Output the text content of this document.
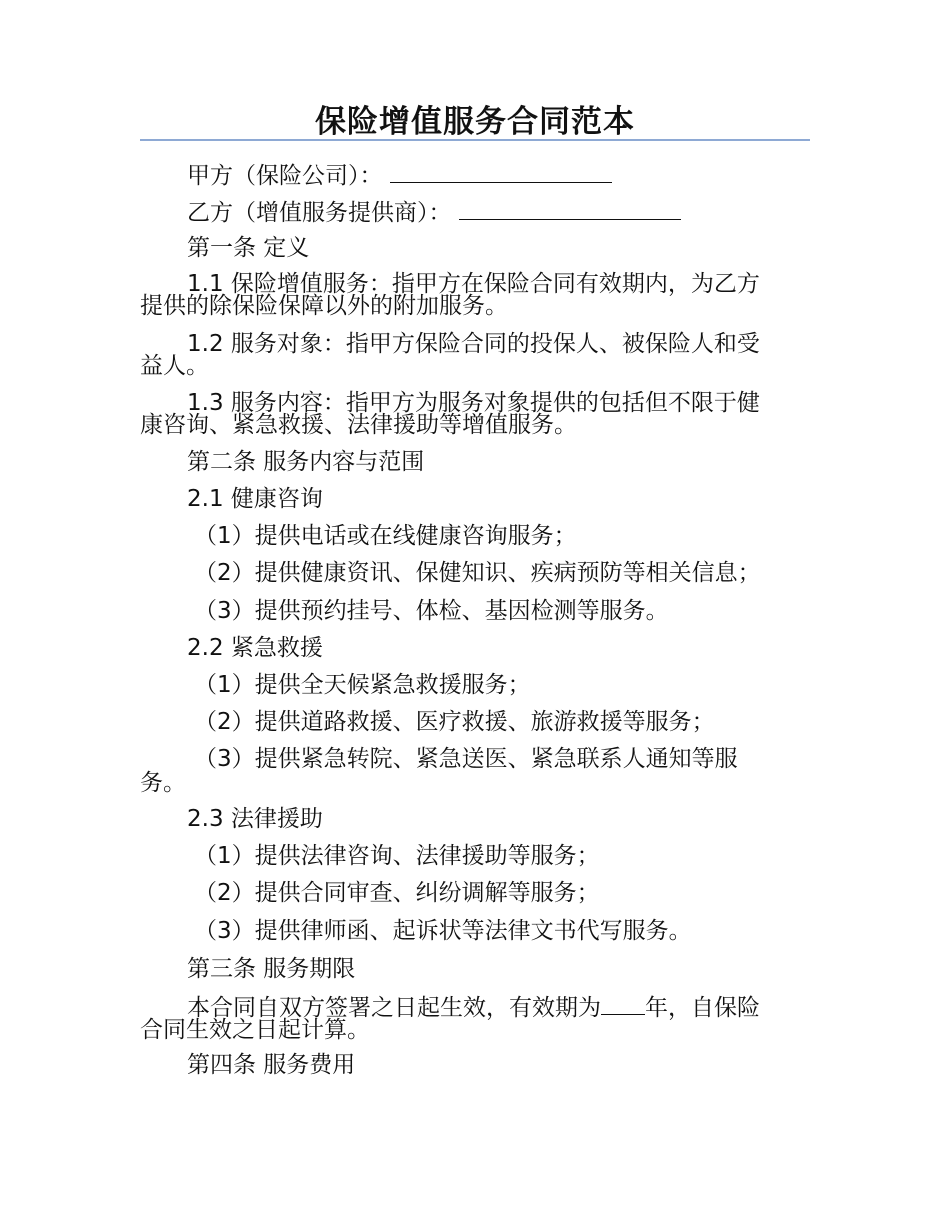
保险增值服务合同范本
甲方（保险公司）：
乙方（增值服务提供商）：
第一条 定义
1.1 保险增值服务：指甲方在保险合同有效期内，为乙方
提供的除保险保障以外的附加服务。
1.2 服务对象：指甲方保险合同的投保人、被保险人和受
益人。
1.3 服务内容：指甲方为服务对象提供的包括但不限于健
康咨询、紧急救援、法律援助等增值服务。
第二条 服务内容与范围
2.1 健康咨询
（1）提供电话或在线健康咨询服务；
（2）提供健康资讯、保健知识、疾病预防等相关信息；
（3）提供预约挂号、体检、基因检测等服务。
2.2 紧急救援
（1）提供全天候紧急救援服务；
（2）提供道路救援、医疗救援、旅游救援等服务；
（3）提供紧急转院、紧急送医、紧急联系人通知等服
务。
2.3 法律援助
（1）提供法律咨询、法律援助等服务；
（2）提供合同审查、纠纷调解等服务；
（3）提供律师函、起诉状等法律文书代写服务。
第三条 服务期限
本合同自双方签署之日起生效，有效期为 年，自保险
合同生效之日起计算。
第四条 服务费用
